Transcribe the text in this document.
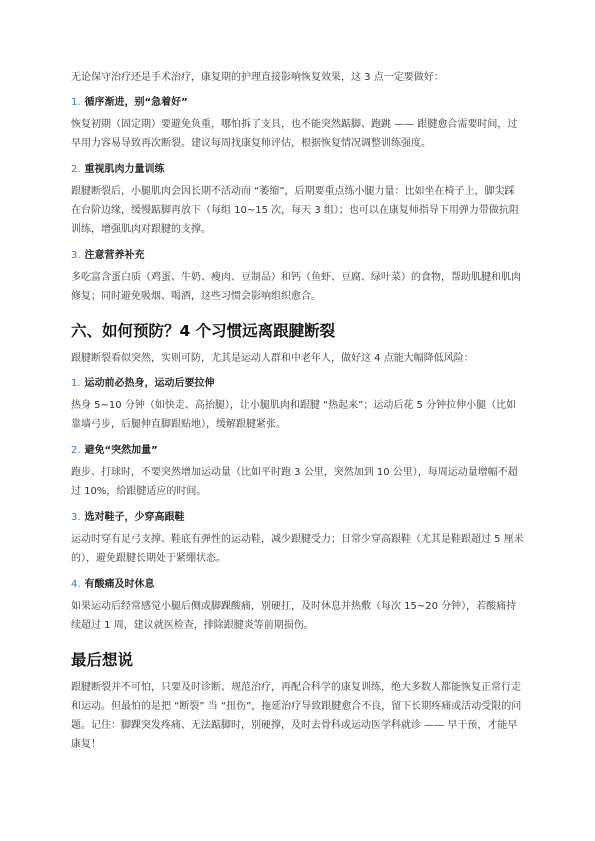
无论保守治疗还是手术治疗，康复期的护理直接影响恢复效果，这 3 点一定要做好：

1. 循序渐进，别“急着好”

恢复初期（固定期）要避免负重，哪怕拆了支具，也不能突然踮脚、跑跳 —— 跟腱愈合需要时间，过早用力容易导致再次断裂。建议每周找康复师评估，根据恢复情况调整训练强度。

2. 重视肌肉力量训练

跟腱断裂后，小腿肌肉会因长期不活动而 “萎缩”，后期要重点练小腿力量：比如坐在椅子上，脚尖踩在台阶边缘，缓慢踮脚再放下（每组 10~15 次，每天 3 组）；也可以在康复师指导下用弹力带做抗阻训练，增强肌肉对跟腱的支撑。

3. 注意营养补充

多吃富含蛋白质（鸡蛋、牛奶、瘦肉、豆制品）和钙（鱼虾、豆腐、绿叶菜）的食物，帮助肌腱和肌肉修复；同时避免吸烟、喝酒，这些习惯会影响组织愈合。

六、如何预防？4 个习惯远离跟腱断裂

跟腱断裂看似突然，实则可防，尤其是运动人群和中老年人，做好这 4 点能大幅降低风险：

1. 运动前必热身，运动后要拉伸

热身 5~10 分钟（如快走、高抬腿），让小腿肌肉和跟腱 “热起来”；运动后花 5 分钟拉伸小腿（比如靠墙弓步，后腿伸直脚跟贴地），缓解跟腱紧张。

2. 避免“突然加量”

跑步、打球时，不要突然增加运动量（比如平时跑 3 公里，突然加到 10 公里），每周运动量增幅不超过 10%，给跟腱适应的时间。

3. 选对鞋子，少穿高跟鞋

运动时穿有足弓支撑、鞋底有弹性的运动鞋，减少跟腱受力；日常少穿高跟鞋（尤其是鞋跟超过 5 厘米的），避免跟腱长期处于紧绷状态。

4. 有酸痛及时休息

如果运动后经常感觉小腿后侧或脚踝酸痛，别硬扛，及时休息并热敷（每次 15~20 分钟），若酸痛持续超过 1 周，建议就医检查，排除跟腱炎等前期损伤。

最后想说

跟腱断裂并不可怕，只要及时诊断、规范治疗，再配合科学的康复训练，绝大多数人都能恢复正常行走和运动。但最怕的是把 “断裂” 当 “扭伤”，拖延治疗导致跟腱愈合不良，留下长期疼痛或活动受限的问题。记住：脚踝突发疼痛、无法踮脚时，别硬撑，及时去骨科或运动医学科就诊 —— 早干预，才能早康复！
